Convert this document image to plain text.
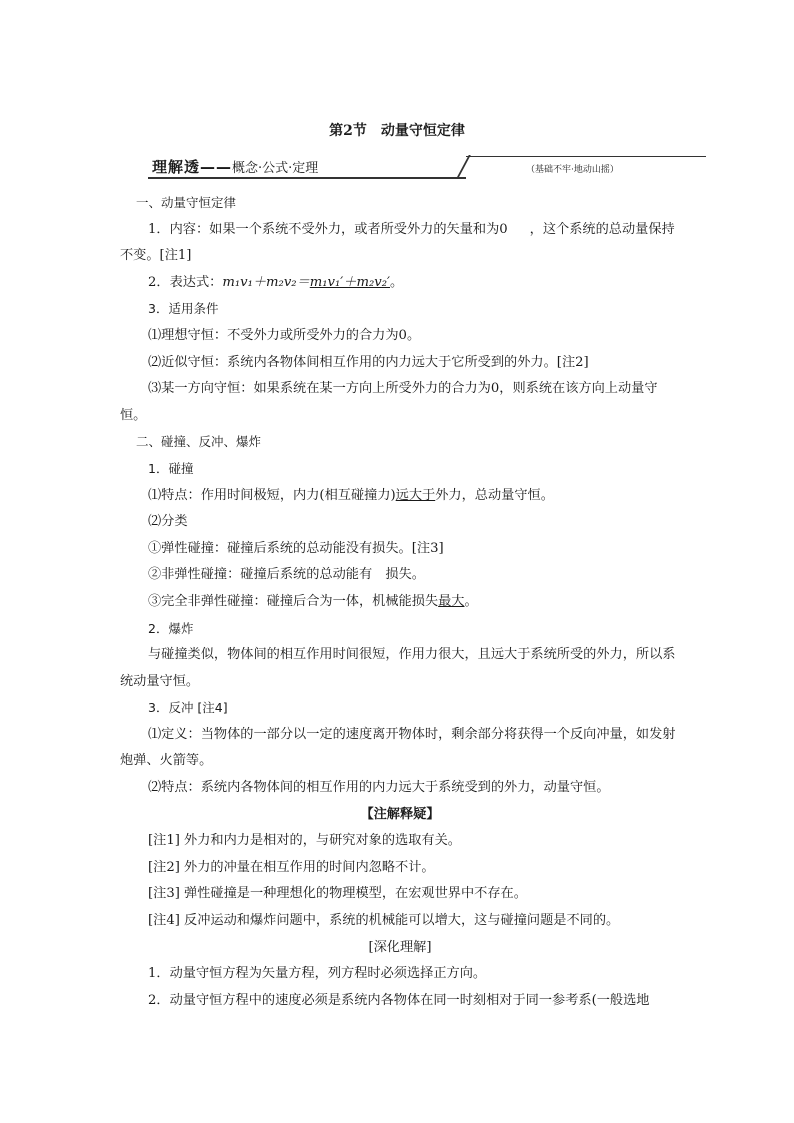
第2节　动量守恒定律
理解透——概念·公式·定理	（基础不牢·地动山摇）

一、动量守恒定律

1．内容：如果一个系统不受外力，或者所受外力的矢量和为0 ，这个系统的总动量保持不变。[注1]

2．表达式：m₁v₁＋m₂v₂＝m₁v₁′＋m₂v₂′。

3．适用条件

⑴理想守恒：不受外力或所受外力的合力为0。

⑵近似守恒：系统内各物体间相互作用的内力远大于它所受到的外力。[注2]

⑶某一方向守恒：如果系统在某一方向上所受外力的合力为0，则系统在该方向上动量守恒。

二、碰撞、反冲、爆炸

1．碰撞

⑴特点：作用时间极短，内力(相互碰撞力)远大于外力，总动量守恒。

⑵分类

①弹性碰撞：碰撞后系统的总动能没有损失。[注3]

②非弹性碰撞：碰撞后系统的总动能有　损失。

③完全非弹性碰撞：碰撞后合为一体，机械能损失最大。

2．爆炸

与碰撞类似，物体间的相互作用时间很短，作用力很大，且远大于系统所受的外力，所以系统动量守恒。

3．反冲 [注4]

⑴定义：当物体的一部分以一定的速度离开物体时，剩余部分将获得一个反向冲量，如发射炮弹、火箭等。

⑵特点：系统内各物体间的相互作用的内力远大于系统受到的外力，动量守恒。

【注解释疑】

[注1] 外力和内力是相对的，与研究对象的选取有关。

[注2] 外力的冲量在相互作用的时间内忽略不计。

[注3] 弹性碰撞是一种理想化的物理模型，在宏观世界中不存在。

[注4] 反冲运动和爆炸问题中，系统的机械能可以增大，这与碰撞问题是不同的。

[深化理解]

1．动量守恒方程为矢量方程，列方程时必须选择正方向。

2．动量守恒方程中的速度必须是系统内各物体在同一时刻相对于同一参考系(一般选地
